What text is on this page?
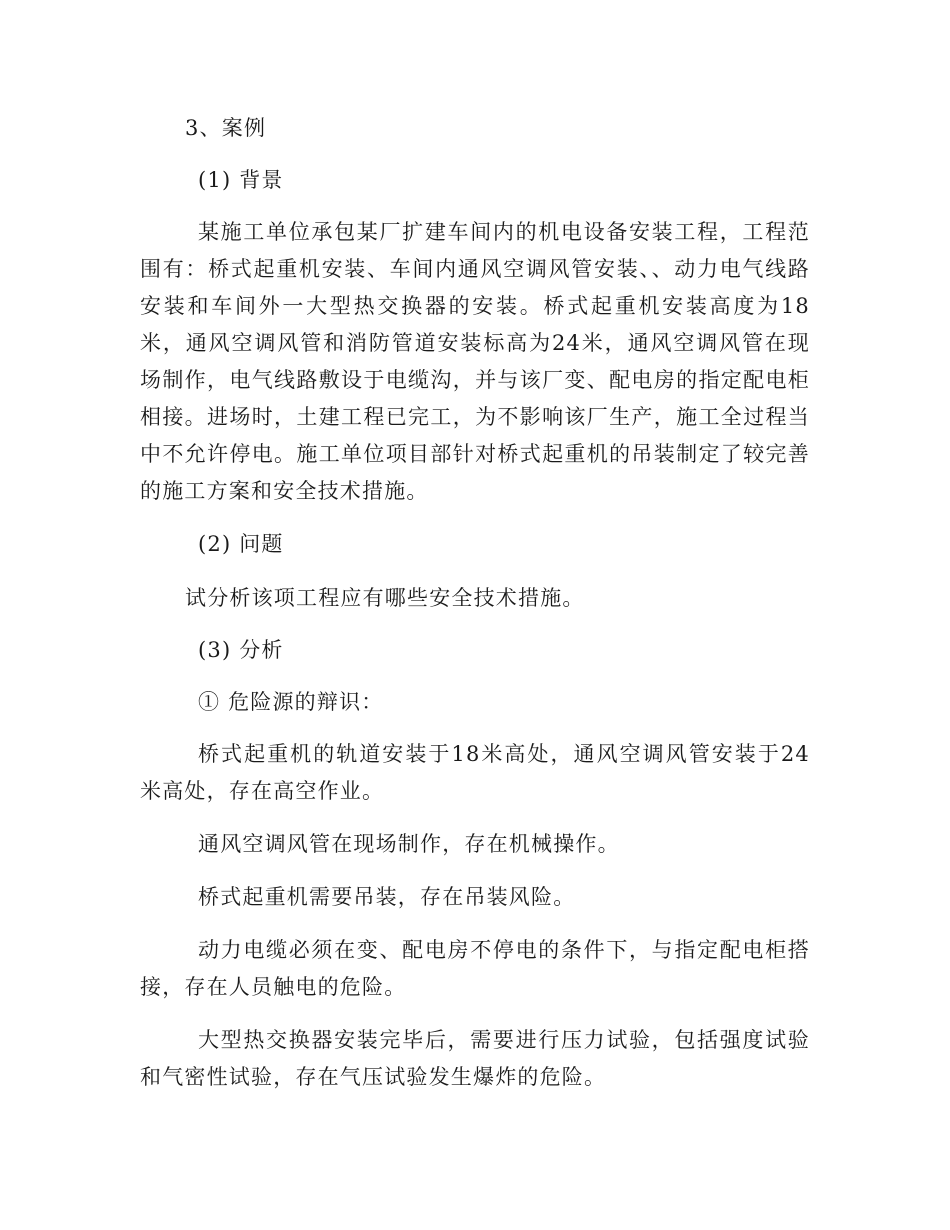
3、案例
(1) 背景
某施工单位承包某厂扩建车间内的机电设备安装工程，工程范围有：桥式起重机安装、车间内通风空调风管安装、、动力电气线路安装和车间外一大型热交换器的安装。桥式起重机安装高度为18米，通风空调风管和消防管道安装标高为24米，通风空调风管在现场制作，电气线路敷设于电缆沟，并与该厂变、配电房的指定配电柜相接。进场时，土建工程已完工，为不影响该厂生产，施工全过程当中不允许停电。施工单位项目部针对桥式起重机的吊装制定了较完善的施工方案和安全技术措施。
(2) 问题
试分析该项工程应有哪些安全技术措施。
(3) 分析
① 危险源的辩识：
桥式起重机的轨道安装于18米高处，通风空调风管安装于24米高处，存在高空作业。
通风空调风管在现场制作，存在机械操作。
桥式起重机需要吊装，存在吊装风险。
动力电缆必须在变、配电房不停电的条件下，与指定配电柜搭接，存在人员触电的危险。
大型热交换器安装完毕后，需要进行压力试验，包括强度试验和气密性试验，存在气压试验发生爆炸的危险。
